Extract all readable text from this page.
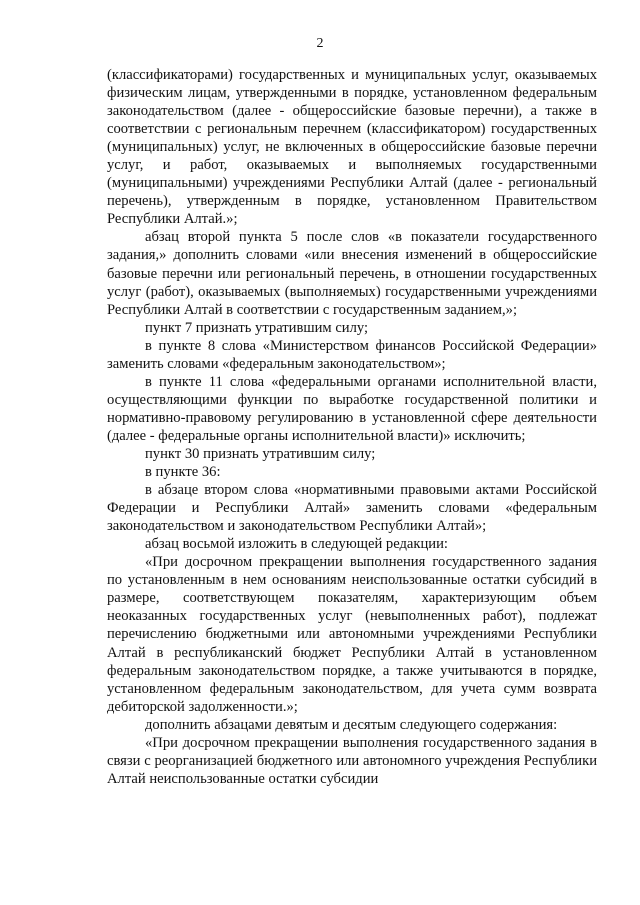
2

(классификаторами) государственных и муниципальных услуг, оказываемых физическим лицам, утвержденными в порядке, установленном федеральным законодательством (далее - общероссийские базовые перечни), а также в соответствии с региональным перечнем (классификатором) государственных (муниципальных) услуг, не включенных в общероссийские базовые перечни услуг, и работ, оказываемых и выполняемых государственными (муниципальными) учреждениями Республики Алтай (далее - региональный перечень), утвержденным в порядке, установленном Правительством Республики Алтай.»;

абзац второй пункта 5 после слов «в показатели государственного задания,» дополнить словами «или внесения изменений в общероссийские базовые перечни или региональный перечень, в отношении государственных услуг (работ), оказываемых (выполняемых) государственными учреждениями Республики Алтай в соответствии с государственным заданием,»;

пункт 7 признать утратившим силу;

в пункте 8 слова «Министерством финансов Российской Федерации» заменить словами «федеральным законодательством»;

в пункте 11 слова «федеральными органами исполнительной власти, осуществляющими функции по выработке государственной политики и нормативно-правовому регулированию в установленной сфере деятельности (далее - федеральные органы исполнительной власти)» исключить;

пункт 30 признать утратившим силу;

в пункте 36:

в абзаце втором слова «нормативными правовыми актами Российской Федерации и Республики Алтай» заменить словами «федеральным законодательством и законодательством Республики Алтай»;

абзац восьмой изложить в следующей редакции:

«При досрочном прекращении выполнения государственного задания по установленным в нем основаниям неиспользованные остатки субсидий в размере, соответствующем показателям, характеризующим объем неоказанных государственных услуг (невыполненных работ), подлежат перечислению бюджетными или автономными учреждениями Республики Алтай в республиканский бюджет Республики Алтай в установленном федеральным законодательством порядке, а также учитываются в порядке, установленном федеральным законодательством, для учета сумм возврата дебиторской задолженности.»;

дополнить абзацами девятым и десятым следующего содержания:

«При досрочном прекращении выполнения государственного задания в связи с реорганизацией бюджетного или автономного учреждения Республики Алтай неиспользованные остатки субсидии
